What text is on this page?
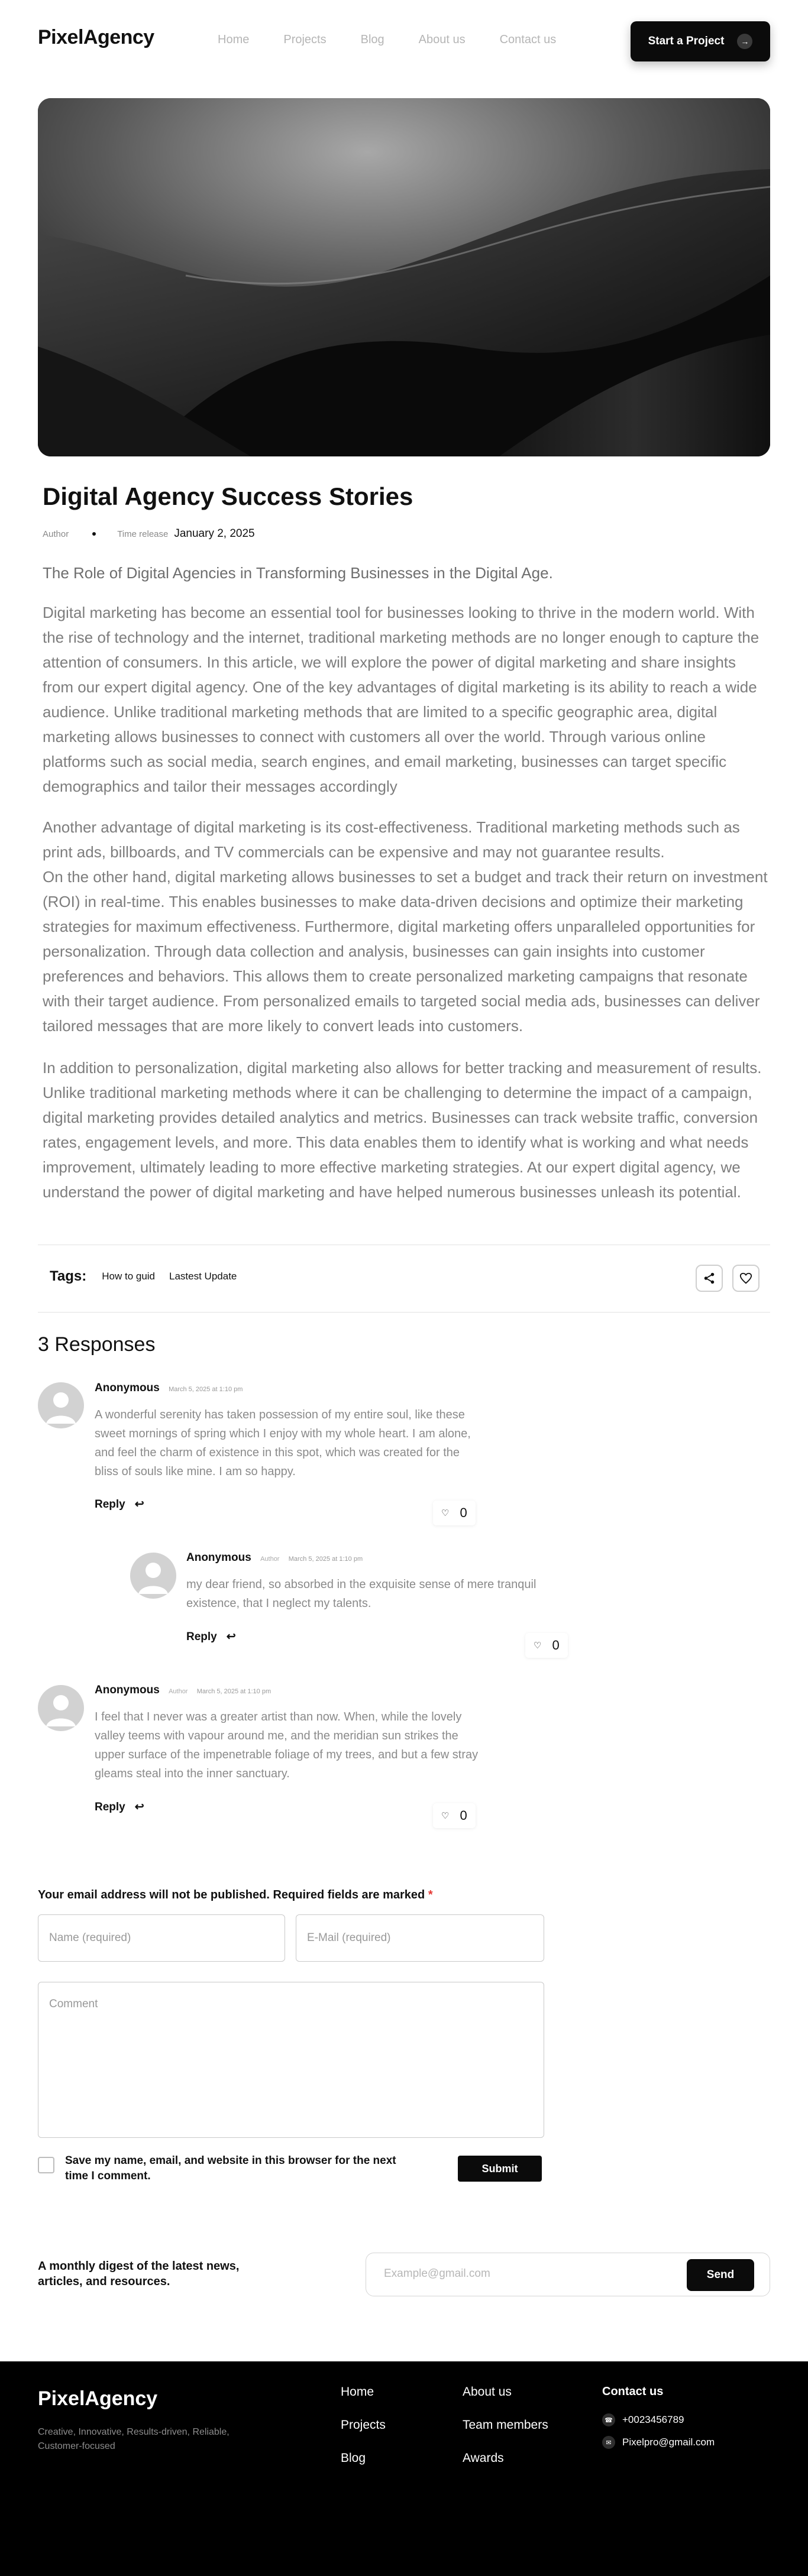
PixelAgency	Home	Projects	Blog	About us	Contact us	Start a Project	→
Digital Agency Success Stories
Author	Time release January 2, 2025
The Role of Digital Agencies in Transforming Businesses in the Digital Age.
Digital marketing has become an essential tool for businesses looking to thrive in the modern world. With the rise of technology and the internet, traditional marketing methods are no longer enough to capture the attention of consumers. In this article, we will explore the power of digital marketing and share insights from our expert digital agency. One of the key advantages of digital marketing is its ability to reach a wide audience. Unlike traditional marketing methods that are limited to a specific geographic area, digital marketing allows businesses to connect with customers all over the world. Through various online platforms such as social media, search engines, and email marketing, businesses can target specific demographics and tailor their messages accordingly
Another advantage of digital marketing is its cost-effectiveness. Traditional marketing methods such as print ads, billboards, and TV commercials can be expensive and may not guarantee results.
On the other hand, digital marketing allows businesses to set a budget and track their return on investment (ROI) in real-time. This enables businesses to make data-driven decisions and optimize their marketing strategies for maximum effectiveness. Furthermore, digital marketing offers unparalleled opportunities for personalization. Through data collection and analysis, businesses can gain insights into customer preferences and behaviors. This allows them to create personalized marketing campaigns that resonate with their target audience. From personalized emails to targeted social media ads, businesses can deliver tailored messages that are more likely to convert leads into customers.
In addition to personalization, digital marketing also allows for better tracking and measurement of results. Unlike traditional marketing methods where it can be challenging to determine the impact of a campaign, digital marketing provides detailed analytics and metrics. Businesses can track website traffic, conversion rates, engagement levels, and more. This data enables them to identify what is working and what needs improvement, ultimately leading to more effective marketing strategies. At our expert digital agency, we understand the power of digital marketing and have helped numerous businesses unleash its potential.
Tags: How to guid Lastest Update
3 Responses
Anonymous March 5, 2025 at 1:10 pm
A wonderful serenity has taken possession of my entire soul, like these sweet mornings of spring which I enjoy with my whole heart. I am alone, and feel the charm of existence in this spot, which was created for the bliss of souls like mine. I am so happy.
Reply ↩
♡ 0
Anonymous Author March 5, 2025 at 1:10 pm
my dear friend, so absorbed in the exquisite sense of mere tranquil existence, that I neglect my talents.
Reply ↩
♡ 0
Anonymous Author March 5, 2025 at 1:10 pm
I feel that I never was a greater artist than now. When, while the lovely valley teems with vapour around me, and the meridian sun strikes the upper surface of the impenetrable foliage of my trees, and but a few stray gleams steal into the inner sanctuary.
Reply ↩
♡ 0
Your email address will not be published. Required fields are marked *
Name (required)	E-Mail (required)
Comment
Save my name, email, and website in this browser for the next time I comment.
Submit
A monthly digest of the latest news, articles, and resources.
Example@gmail.com	Send
PixelAgency
Creative, Innovative, Results-driven, Reliable, Customer-focused
Home
Projects
Blog
About us
Team members
Awards
Contact us
☎ +0023456789
✉	Pixelpro@gmail.com
